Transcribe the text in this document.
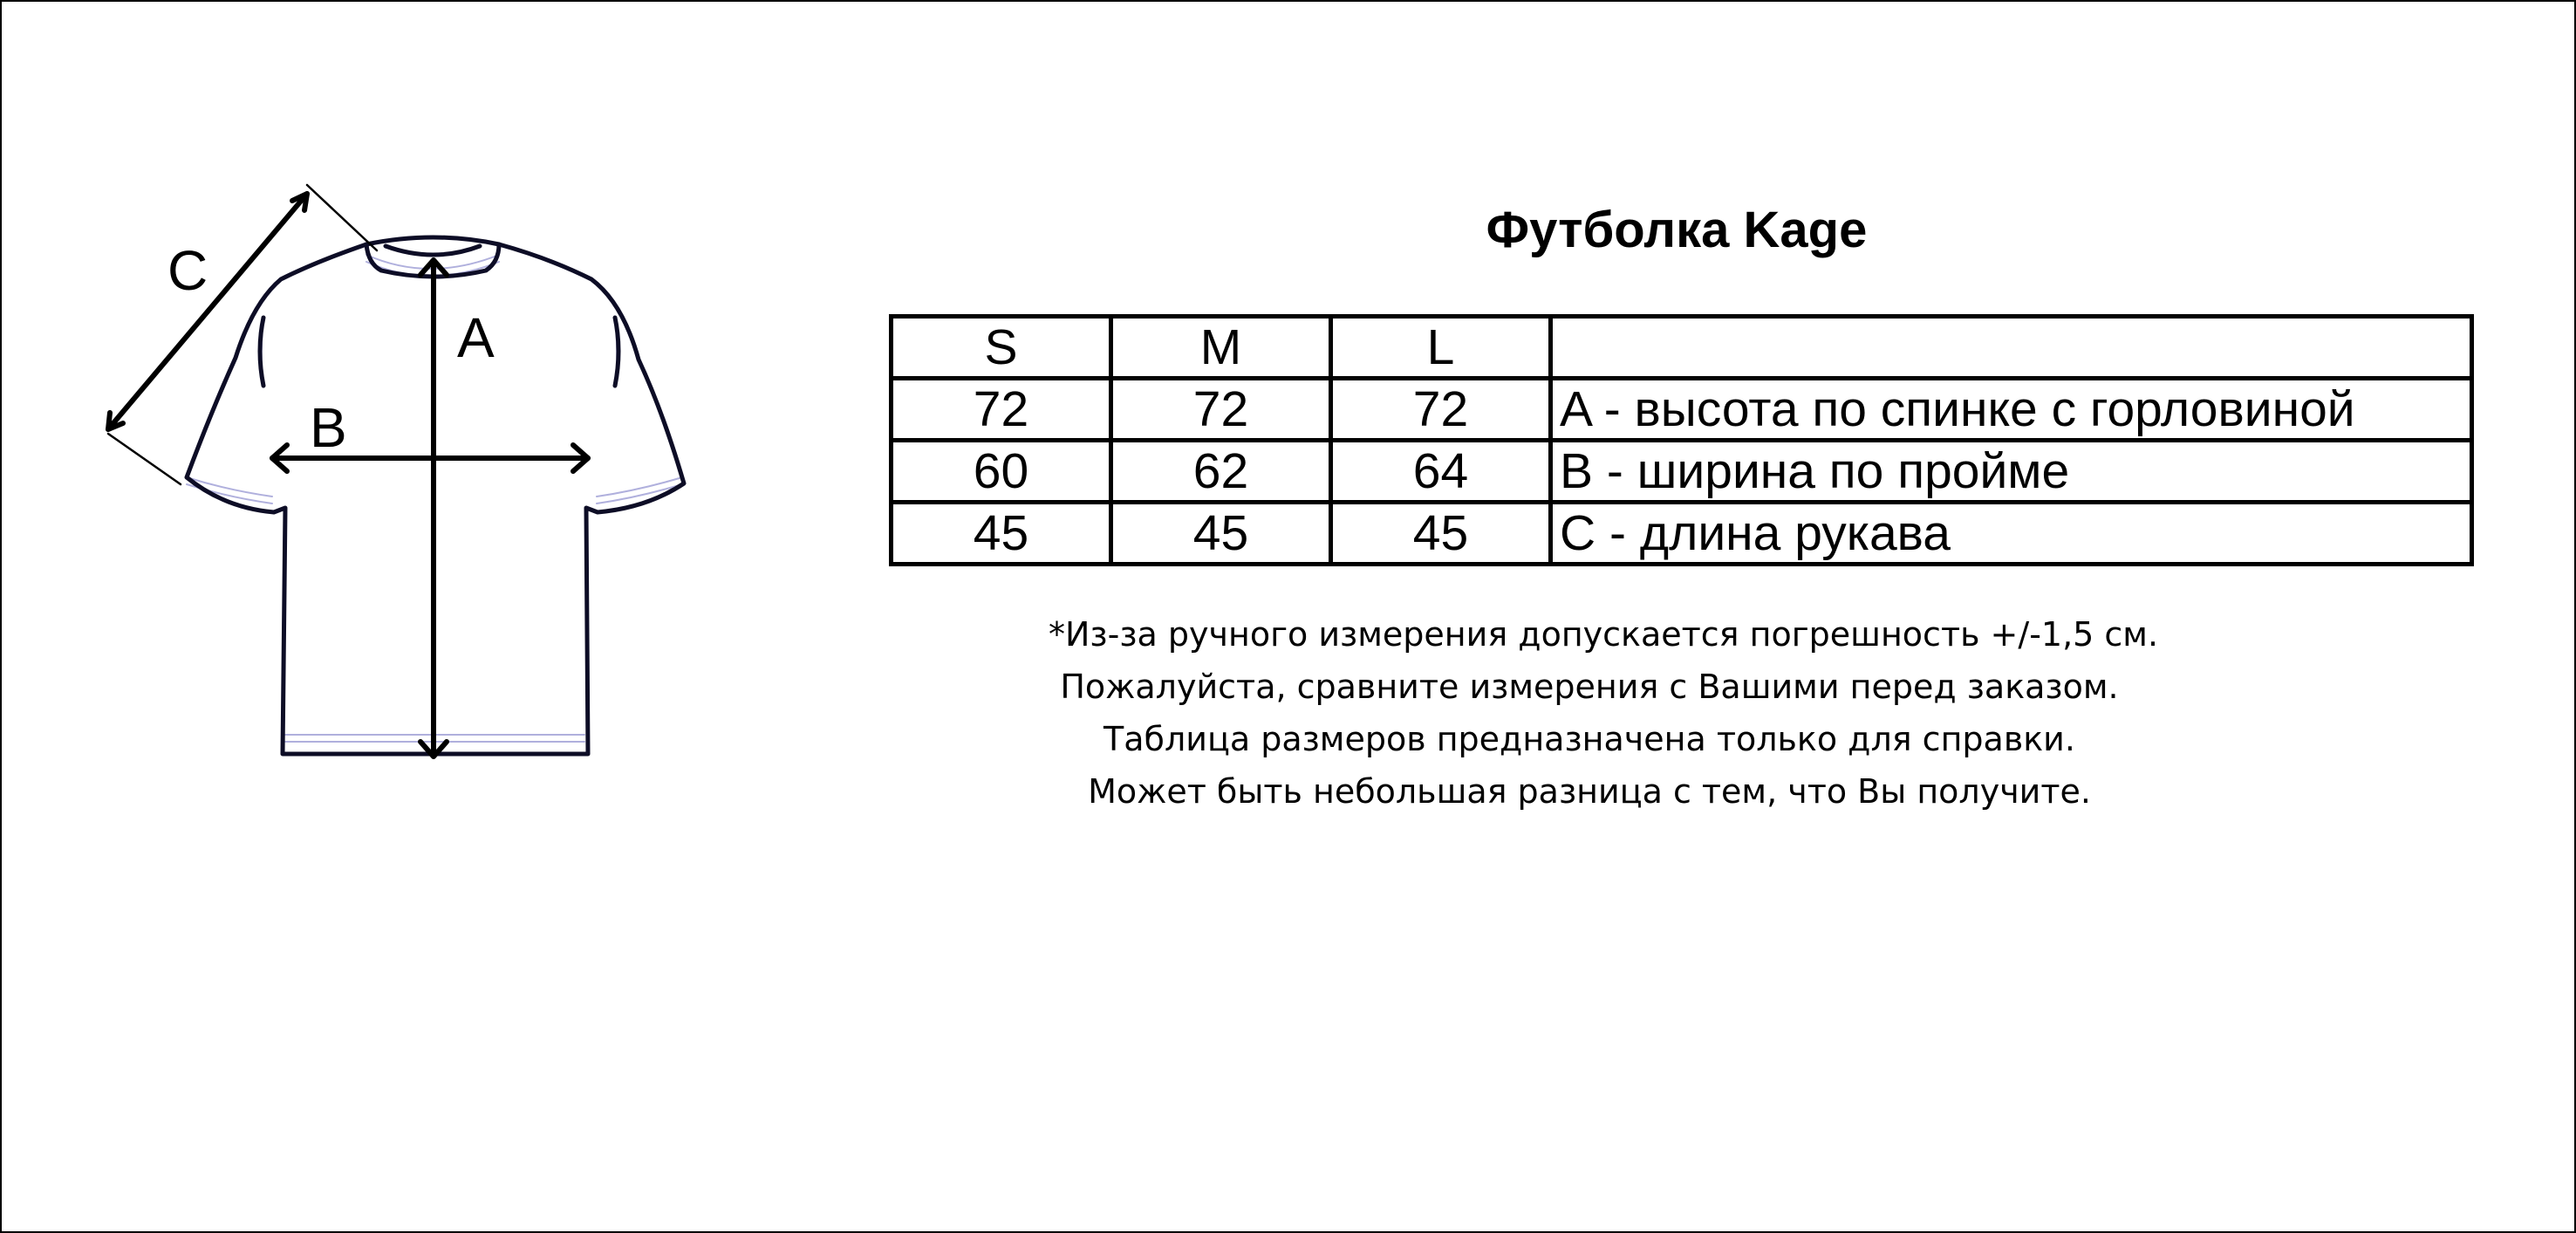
A
B
C
Футболка Kage
S	M	L	
72	72	72	A - высота по спинке с горловиной
60	62	64	B - ширина по пройме
45	45	45	C - длина рукава
*Из-за ручного измерения допускается погрешность +/-1,5 см.
Пожалуйста, сравните измерения с Вашими перед заказом.
Таблица размеров предназначена только для справки.
Может быть небольшая разница с тем, что Вы получите.
